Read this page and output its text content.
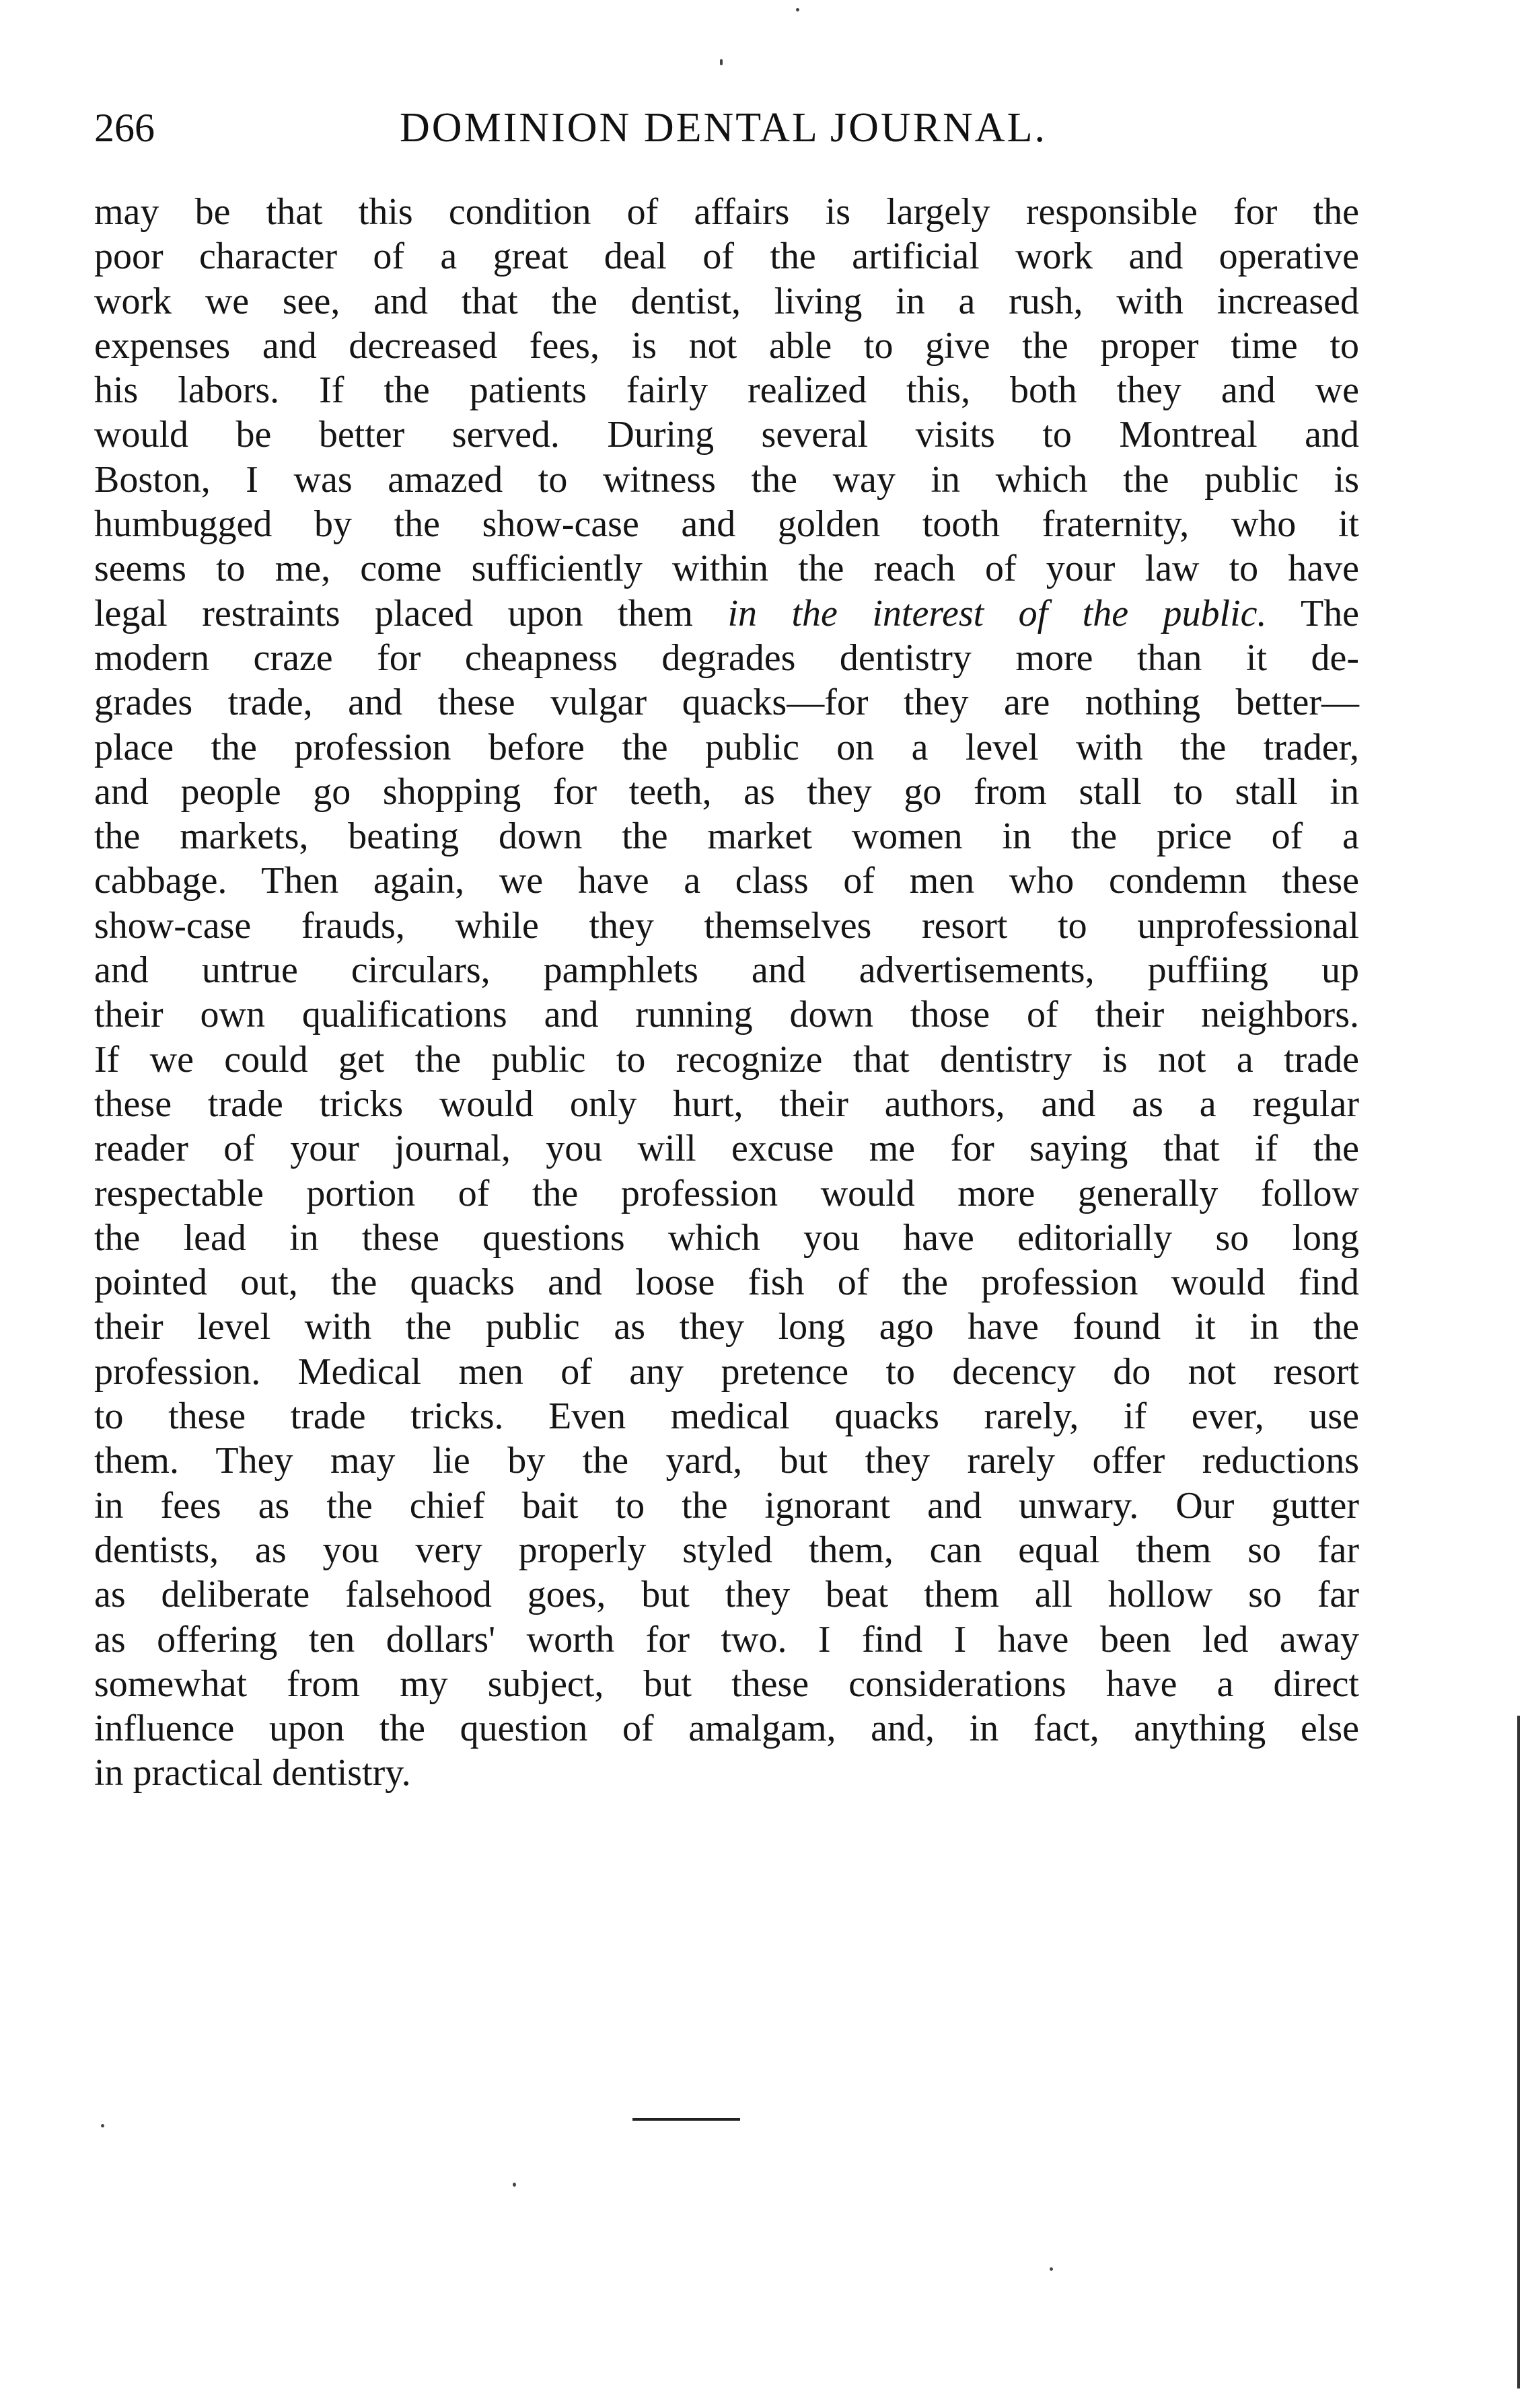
266	DOMINION DENTAL JOURNAL.
may be that this condition of affairs is largely responsible for the
poor character of a great deal of the artificial work and operative
work we see, and that the dentist, living in a rush, with increased
expenses and decreased fees, is not able to give the proper time to
his labors. If the patients fairly realized this, both they and we
would be better served. During several visits to Montreal and
Boston, I was amazed to witness the way in which the public is
humbugged by the show-case and golden tooth fraternity, who it
seems to me, come sufficiently within the reach of your law to have
legal restraints placed upon them in the interest of the public. The
modern craze for cheapness degrades dentistry more than it de-
grades trade, and these vulgar quacks—for they are nothing better—
place the profession before the public on a level with the trader,
and people go shopping for teeth, as they go from stall to stall in
the markets, beating down the market women in the price of a
cabbage. Then again, we have a class of men who condemn these
show-case frauds, while they themselves resort to unprofessional
and untrue circulars, pamphlets and advertisements, puffiing up
their own qualifications and running down those of their neighbors.
If we could get the public to recognize that dentistry is not a trade
these trade tricks would only hurt, their authors, and as a regular
reader of your journal, you will excuse me for saying that if the
respectable portion of the profession would more generally follow
the lead in these questions which you have editorially so long
pointed out, the quacks and loose fish of the profession would find
their level with the public as they long ago have found it in the
profession. Medical men of any pretence to decency do not resort
to these trade tricks. Even medical quacks rarely, if ever, use
them. They may lie by the yard, but they rarely offer reductions
in fees as the chief bait to the ignorant and unwary. Our gutter
dentists, as you very properly styled them, can equal them so far
as deliberate falsehood goes, but they beat them all hollow so far
as offering ten dollars' worth for two. I find I have been led away
somewhat from my subject, but these considerations have a direct
influence upon the question of amalgam, and, in fact, anything else
in practical dentistry.
